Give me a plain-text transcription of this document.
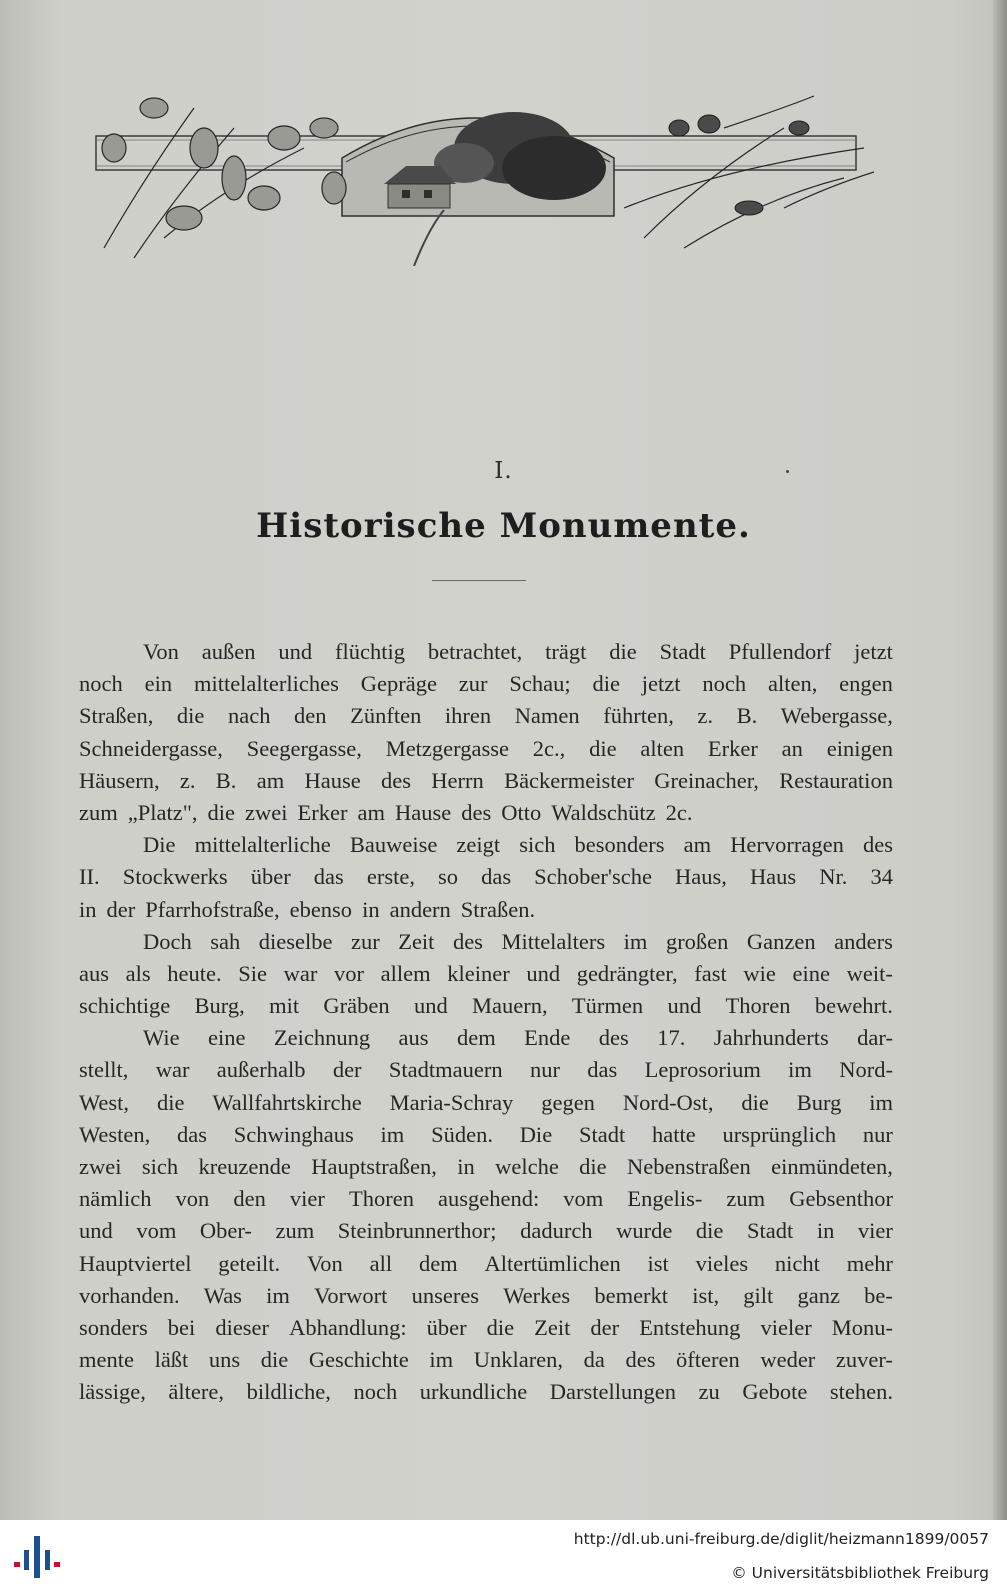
I.
Historische Monumente.
Von außen und flüchtig betrachtet, trägt die Stadt Pfullendorf jetzt
noch ein mittelalterliches Gepräge zur Schau; die jetzt noch alten, engen
Straßen, die nach den Zünften ihren Namen führten, z. B. Webergasse,
Schneidergasse, Seegergasse, Metzgergasse 2c., die alten Erker an einigen
Häusern, z. B. am Hause des Herrn Bäckermeister Greinacher, Restauration
zum „Platz", die zwei Erker am Hause des Otto Waldschütz 2c.
Die mittelalterliche Bauweise zeigt sich besonders am Hervorragen des
II. Stockwerks über das erste, so das Schober'sche Haus, Haus Nr. 34
in der Pfarrhofstraße, ebenso in andern Straßen.
Doch sah dieselbe zur Zeit des Mittelalters im großen Ganzen anders
aus als heute. Sie war vor allem kleiner und gedrängter, fast wie eine weit-
schichtige Burg, mit Gräben und Mauern, Türmen und Thoren bewehrt.
Wie eine Zeichnung aus dem Ende des 17. Jahrhunderts dar-
stellt, war außerhalb der Stadtmauern nur das Leprosorium im Nord-
West, die Wallfahrtskirche Maria-Schray gegen Nord-Ost, die Burg im
Westen, das Schwinghaus im Süden. Die Stadt hatte ursprünglich nur
zwei sich kreuzende Hauptstraßen, in welche die Nebenstraßen einmündeten,
nämlich von den vier Thoren ausgehend: vom Engelis- zum Gebsenthor
und vom Ober- zum Steinbrunnerthor; dadurch wurde die Stadt in vier
Hauptviertel geteilt. Von all dem Altertümlichen ist vieles nicht mehr
vorhanden. Was im Vorwort unseres Werkes bemerkt ist, gilt ganz be-
sonders bei dieser Abhandlung: über die Zeit der Entstehung vieler Monu-
mente läßt uns die Geschichte im Unklaren, da des öfteren weder zuver-
lässige, ältere, bildliche, noch urkundliche Darstellungen zu Gebote stehen.
http://dl.ub.uni-freiburg.de/diglit/heizmann1899/0057
© Universitätsbibliothek Freiburg
